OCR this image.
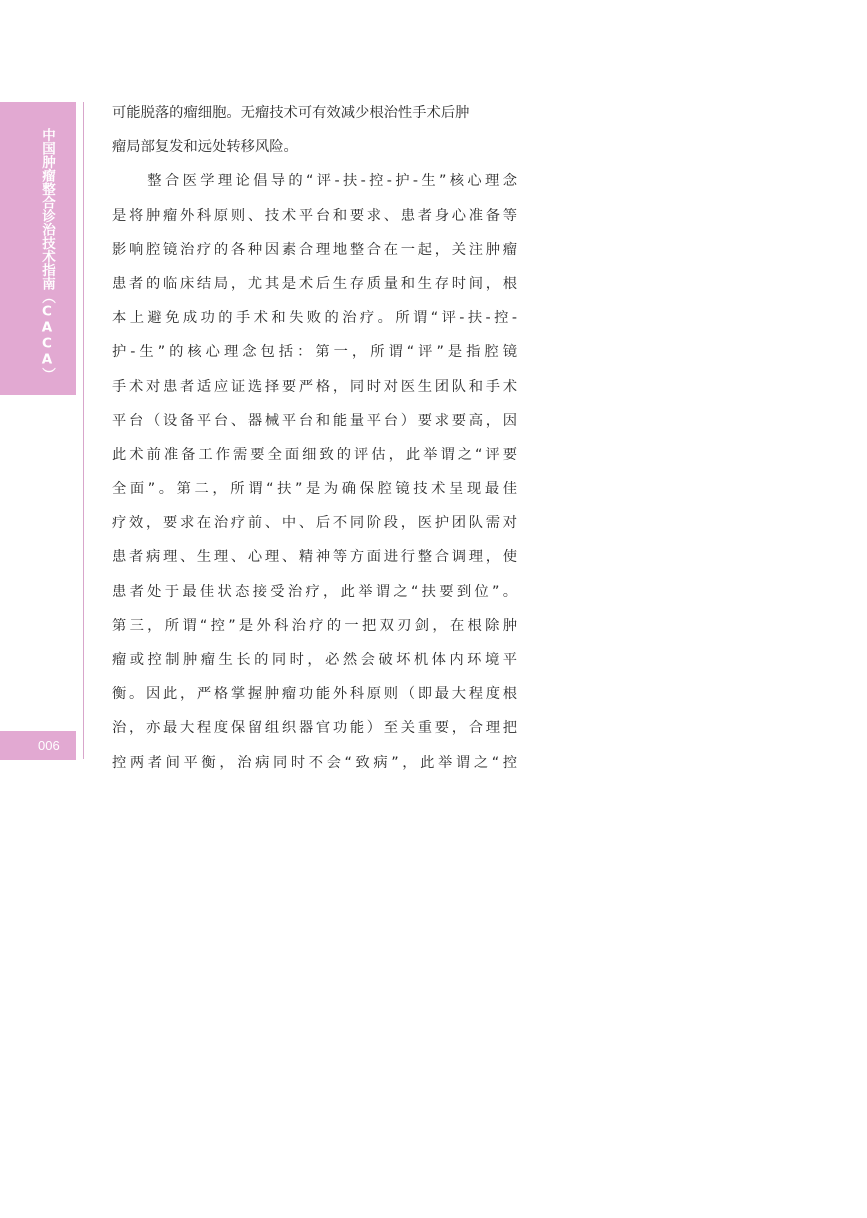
中国肿瘤整合诊治技术指南（CACA）
006
可能脱落的瘤细胞。无瘤技术可有效减少根治性手术后肿
瘤局部复发和远处转移风险。
　　整合医学理论倡导的“评-扶-控-护-生”核心理念
是将肿瘤外科原则、技术平台和要求、患者身心准备等
影响腔镜治疗的各种因素合理地整合在一起，关注肿瘤
患者的临床结局，尤其是术后生存质量和生存时间，根
本上避免成功的手术和失败的治疗。所谓“评-扶-控-
护-生”的核心理念包括：第一，所谓“评”是指腔镜
手术对患者适应证选择要严格，同时对医生团队和手术
平台（设备平台、器械平台和能量平台）要求要高，因
此术前准备工作需要全面细致的评估，此举谓之“评要
全面”。第二，所谓“扶”是为确保腔镜技术呈现最佳
疗效，要求在治疗前、中、后不同阶段，医护团队需对
患者病理、生理、心理、精神等方面进行整合调理，使
患者处于最佳状态接受治疗，此举谓之“扶要到位”。
第三，所谓“控”是外科治疗的一把双刃剑，在根除肿
瘤或控制肿瘤生长的同时，必然会破坏机体内环境平
衡。因此，严格掌握肿瘤功能外科原则（即最大程度根
治，亦最大程度保留组织器官功能）至关重要，合理把
控两者间平衡，治病同时不会“致病”，此举谓之“控
